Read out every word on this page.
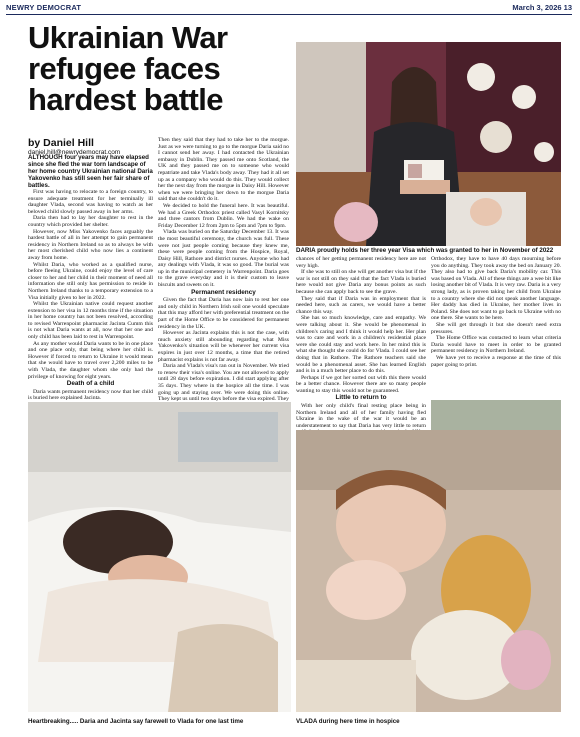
NEWRY DEMOCRAT	March 3, 2026 13
Ukrainian War refugee faces hardest battle
by Daniel Hill
daniel.hill@newrydemocrat.com

ALTHOUGH four years may have elapsed since she fled the war torn landscape of her home country Ukrainian national Daria Yakovenko has still seen her fair share of battles.

First was having to relocate to a foreign country, to ensure adequate treatment for her terminally ill daughter Vlada, second was having to watch as her beloved child slowly passed away in her arms.

Daria then had to lay her daughter to rest in the country which provided her shelter.

However, now Miss Yakovenko faces arguably the hardest battle of all in her attempt to gain permanent residency in Northern Ireland so as to always be with her most cherished child who now lies a continent away from home.

Whilst Daria, who worked as a qualified nurse, before fleeing Ukraine, could enjoy the level of care closer to her and her child in their moment of need all information she still only has permission to reside in Northern Ireland thanks to a temporary extension to a Visa initially given to her in 2022.

Whilst the Ukrainian native could request another extension to her visa in 12 months time if the situation in her home country has not been resolved, according to revised Warrenpoint pharmacist Jacinta Cumm this is not what Daria wants at all, now that her one and only child has been laid to rest in Warrenpoint.

As any mother would Daria wants to be in one place and one place only, that being where her child is. However if forced to return to Ukraine it would mean that she would have to travel over 2,200 miles to be with Vlada, the daughter whom she only had the privilege of knowing for eight years.

Death of a child

Daria wants permanent residency now that her child is buried here explained Jacinta.

Then they said that they had to take her to the morgue. Just as we were turning to go to the morgue Daria said no I cannot send her away. I had contacted the Ukrainian embassy in Dublin. They passed me onto Scotland, the UK and they passed me on to someone who would repatriate and take Vlada's body away. They had it all set up as a company who would do this. They would collect her the next day from the morgue in Daisy Hill. However when we were bringing her down to the morgue Daria said that she couldn't do it.

We decided to hold the funeral here. It was beautiful. We had a Greek Orthodox priest called Vasyl Kornitsky and three cantors from Dublin. We had the wake on Friday December 12 from 2pm to 5pm and 7pm to 9pm.

Vlada was buried on the Saturday December 13. It was the most beautiful ceremony, the church was full. These were not just people coming because they knew me, these were people coming from the Hospice, Royal, Daisy Hill, Rathore and district nurses. Anyone who had any dealings with Vlada, it was so good. The burial was up in the municipal cemetery in Warrenpoint. Daria goes to the grave everyday and it is their custom to leave biscuits and sweets on it.

Permanent residency

Given the fact that Daria has now lain to rest her one and only child in Northern Irish soil one would speculate that this may afford her with preferential treatment on the part of the Home Office to be considered for permanent residency in the UK.

However as Jacinta explains this is not the case, with much anxiety still abounding regarding what Miss Yakovenko's situation will be whenever her current visa expires in just over 12 months, a time that the retired pharmacist explains is not far away.

Daria and Vlada's visa's ran out in November. We tried to renew their visa's online. You are not allowed to apply until 28 days before expiration. I did start applying after 35 days. They where in the hospice all the time. I was going up and staying over. We were doing this online. They kept us until two days before the visa expired. They

DARIA proudly holds her three year Visa which was granted to her in November of 2022

chances of her getting permanent residency here are not very high.

If she was to still on she will get another visa but if the war is not still on they said that the fact Vlada is buried here would not give Daria any bonus points as such because she can apply back to see the grave.

They said that if Daria was in employment that is needed here, such as carers, we would have a better chance this way.

She has so much knowledge, care and empathy. We were talking about it. She would be phenomenal in children's caring and I think it would help her. Her plan was to care and work in a children's residential place were she could stay and work here. In her mind this is what she thought she could do for Vlada. I could see her doing that in Rathore. The Rathore teachers said she would be a phenomenal asset. She has learned English and is in a much better place to do this.

Perhaps if we got her sorted out with this there would be a better chance. However there are so many people wanting to stay this would not be guaranteed.

Little to return to

With her only child's final resting place being in Northern Ireland and all of her family having fled Ukraine in the wake of the war it would be an understatement to say that Daria has very little to return

Orthodox, they have to have 40 days mourning before you do anything. They took away the bed on January 20. They also had to give back Daria's mobility car. This was based on Vlada. All of these things are a wee bit like losing another bit of Vlada. It is very raw. Daria is a very strong lady, as is proven taking her child from Ukraine to a country where she did not speak another language. Her daddy has died in Ukraine, her mother lives in Poland. She does not want to go back to Ukraine with no one there. She wants to be here.

She will get through it but she doesn't need extra pressures.

The Home Office was contacted to learn what criteria Daria would have to meet in order to be granted permanent residency in Northern Ireland.

We have yet to receive a response at the time of this paper going to print.

Heartbreaking..... Daria and Jacinta say farewell to Vlada for one last time	VLADA during here time in hospice
